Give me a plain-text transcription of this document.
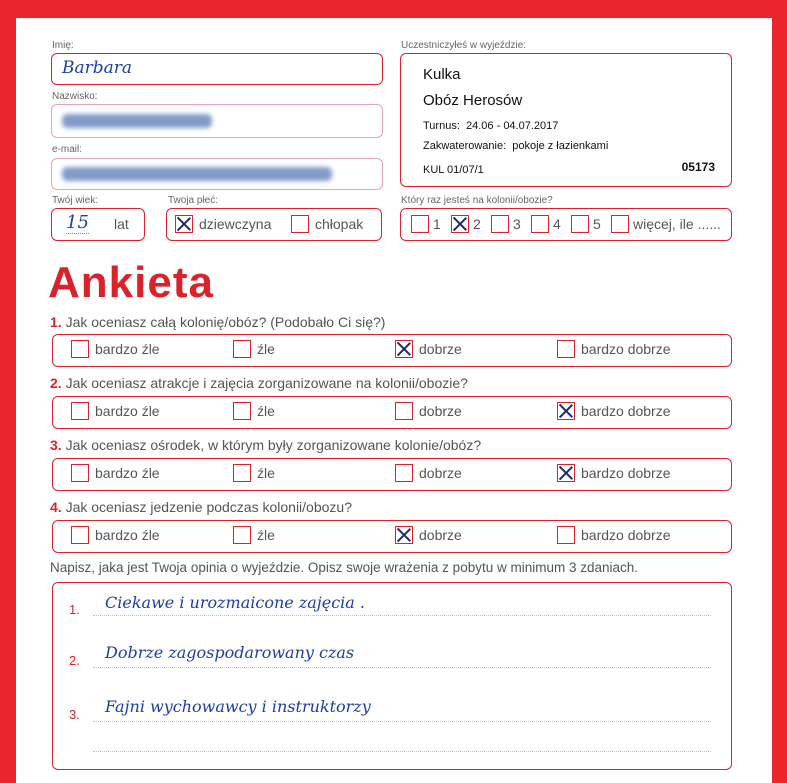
Imię:
Barbara
Nazwisko:
e-mail:
Twój wiek:
15 lat
Twoja płeć:
dziewczyna	chłopak
Uczestniczyłeś w wyjeździe:
Kulka
Obóz Herosów
Turnus: 24.06 - 04.07.2017
Zakwaterowanie: pokoje z łazienkami
KUL 01/07/1	05173
Który raz jesteś na kolonii/obozie?
1 2 3 4 5 więcej, ile ......
Ankieta
1. Jak oceniasz całą kolonię/obóz? (Podobało Ci się?)
bardzo źle	źle	dobrze	bardzo dobrze
2. Jak oceniasz atrakcje i zajęcia zorganizowane na kolonii/obozie?
bardzo źle	źle	dobrze	bardzo dobrze
3. Jak oceniasz ośrodek, w którym były zorganizowane kolonie/obóz?
bardzo źle	źle	dobrze	bardzo dobrze
4. Jak oceniasz jedzenie podczas kolonii/obozu?
bardzo źle	źle	dobrze	bardzo dobrze
Napisz, jaka jest Twoja opinia o wyjeździe. Opisz swoje wrażenia z pobytu w minimum 3 zdaniach.
1. Ciekawe i urozmaicone zajęcia .
2. Dobrze zagospodarowany czas
3. Fajni wychowawcy i instruktorzy
